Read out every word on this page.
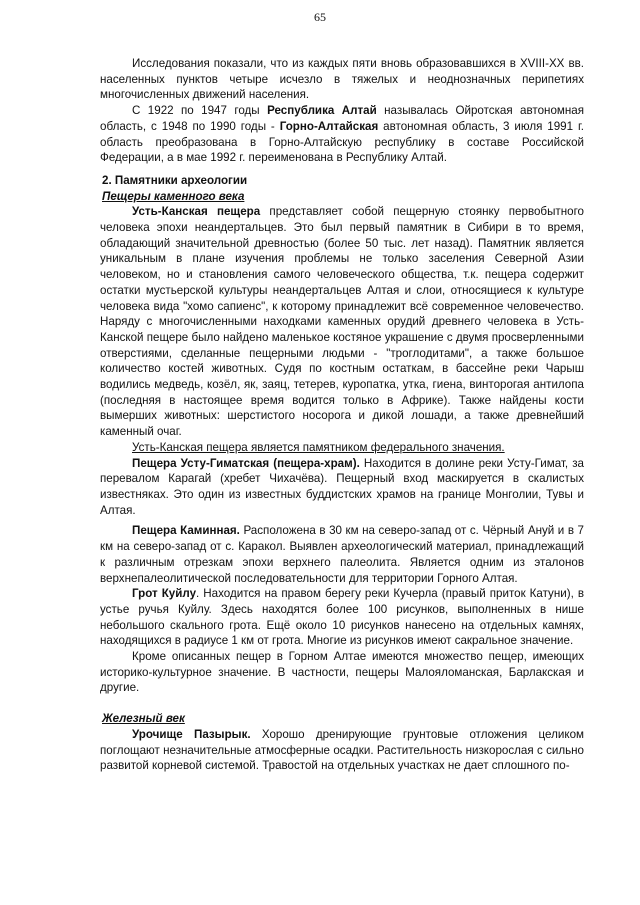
65

Исследования показали, что из каждых пяти вновь образовавшихся в XVIII-XX вв. населенных пунктов четыре исчезло в тяжелых и неоднозначных перипетиях многочисленных движений населения.

С 1922 по 1947 годы Республика Алтай называлась Ойротская автономная область, с 1948 по 1990 годы - Горно-Алтайская автономная область, 3 июля 1991 г. область преобразована в Горно-Алтайскую республику в составе Российской Федерации, а в мае 1992 г. переименована в Республику Алтай.

2. Памятники археологии
Пещеры каменного века

Усть-Канская пещера представляет собой пещерную стоянку первобытного человека эпохи неандертальцев. Это был первый памятник в Сибири в то время, обладающий значительной древностью (более 50 тыс. лет назад). Памятник является уникальным в плане изучения проблемы не только заселения Северной Азии человеком, но и становления самого человеческого общества, т.к. пещера содержит остатки мустьерской культуры неандертальцев Алтая и слои, относящиеся к культуре человека вида "хомо сапиенс", к которому принадлежит всё современное человечество. Наряду с многочисленными находками каменных орудий древнего человека в Усть-Канской пещере было найдено маленькое костяное украшение с двумя просверленными отверстиями, сделанные пещерными людьми - "троглодитами", а также большое количество костей животных. Судя по костным остаткам, в бассейне реки Чарыш водились медведь, козёл, як, заяц, тетерев, куропатка, утка, гиена, винторогая антилопа (последняя в настоящее время водится только в Африке). Также найдены кости вымерших животных: шерстистого носорога и дикой лошади, а также древнейший каменный очаг.

Усть-Канская пещера является памятником федерального значения.

Пещера Усту-Гиматская (пещера-храм). Находится в долине реки Усту-Гимат, за перевалом Карагай (хребет Чихачёва). Пещерный вход маскируется в скалистых известняках. Это один из известных буддистских храмов на границе Монголии, Тувы и Алтая.

Пещера Каминная. Расположена в 30 км на северо-запад от с. Чёрный Ануй и в 7 км на северо-запад от с. Каракол. Выявлен археологический материал, принадлежащий к различным отрезкам эпохи верхнего палеолита. Является одним из эталонов верхнепалеолитической последовательности для территории Горного Алтая.

Грот Куйлу. Находится на правом берегу реки Кучерла (правый приток Катуни), в устье ручья Куйлу. Здесь находятся более 100 рисунков, выполненных в нише небольшого скального грота. Ещё около 10 рисунков нанесено на отдельных камнях, находящихся в радиусе 1 км от грота. Многие из рисунков имеют сакральное значение.

Кроме описанных пещер в Горном Алтае имеются множество пещер, имеющих историко-культурное значение. В частности, пещеры Малояломанская, Барлакская и другие.

Железный век

Урочище Пазырык. Хорошо дренирующие грунтовые отложения целиком поглощают незначительные атмосферные осадки. Растительность низкорослая с сильно развитой корневой системой. Травостой на отдельных участках не дает сплошного по-
